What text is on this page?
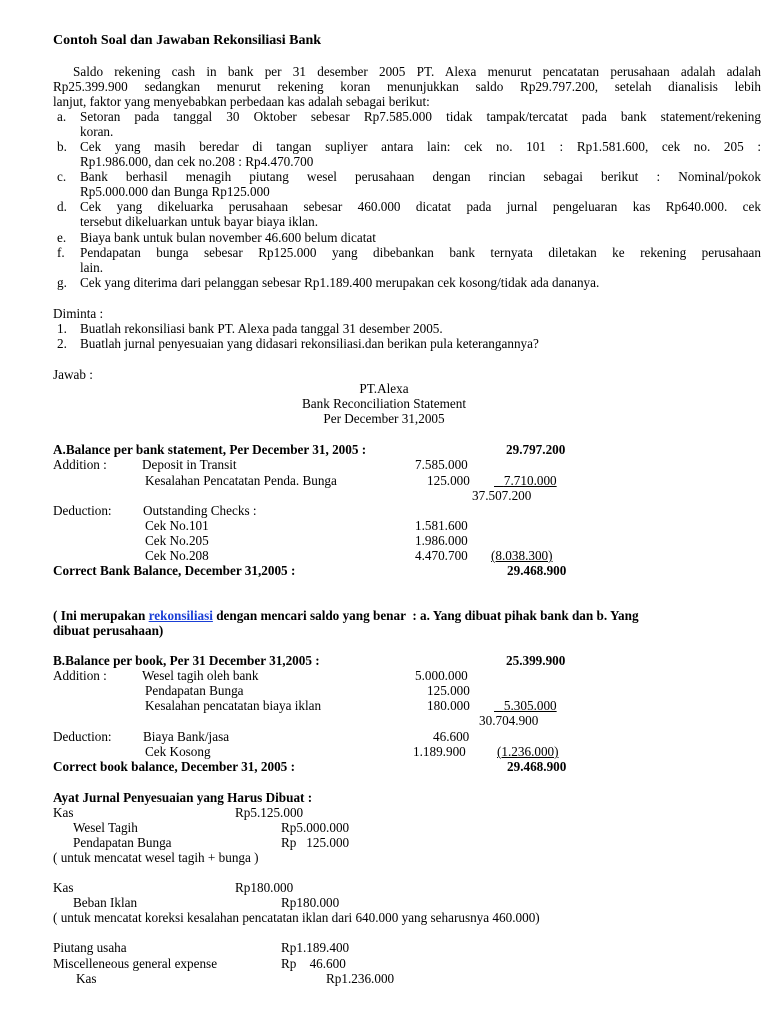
Contoh Soal dan Jawaban Rekonsiliasi Bank
Saldo rekening cash in bank per 31 desember 2005 PT. Alexa menurut pencatatan perusahaan adalah adalah
Rp25.399.900 sedangkan menurut rekening koran menunjukkan saldo Rp29.797.200, setelah dianalisis lebih
lanjut, faktor yang menyebabkan perbedaan kas adalah sebagai berikut:
a. Setoran pada tanggal 30 Oktober sebesar Rp7.585.000 tidak tampak/tercatat pada bank statement/rekening
koran.
b. Cek yang masih beredar di tangan supliyer antara lain: cek no. 101 : Rp1.581.600, cek no. 205 :
Rp1.986.000, dan cek no.208 : Rp4.470.700
c. Bank berhasil menagih piutang wesel perusahaan dengan rincian sebagai berikut : Nominal/pokok
Rp5.000.000 dan Bunga Rp125.000
d. Cek yang dikeluarka perusahaan sebesar 460.000 dicatat pada jurnal pengeluaran kas Rp640.000. cek
tersebut dikeluarkan untuk bayar biaya iklan.
e. Biaya bank untuk bulan november 46.600 belum dicatat
f. Pendapatan bunga sebesar Rp125.000 yang dibebankan bank ternyata diletakan ke rekening perusahaan
lain.
g. Cek yang diterima dari pelanggan sebesar Rp1.189.400 merupakan cek kosong/tidak ada dananya.
Diminta :
1. Buatlah rekonsiliasi bank PT. Alexa pada tanggal 31 desember 2005.
2. Buatlah jurnal penyesuaian yang didasari rekonsiliasi.dan berikan pula keterangannya?
Jawab :
PT.Alexa
Bank Reconciliation Statement
Per December 31,2005
A.Balance per bank statement, Per December 31, 2005 :	29.797.200
Addition :	Deposit in Transit	7.585.000
Kesalahan Pencatatan Penda. Bunga	125.000	7.710.000
37.507.200
Deduction: Outstanding Checks :
Cek No.101	1.581.600
Cek No.205	1.986.000
Cek No.208	4.470.700 (8.038.300)
Correct Bank Balance, December 31,2005 :	29.468.900
( Ini merupakan rekonsiliasi dengan mencari saldo yang benar  : a. Yang dibuat pihak bank dan b. Yang
dibuat perusahaan)
B.Balance per book, Per 31 December 31,2005 :	25.399.900
Addition :	Wesel tagih oleh bank	5.000.000
Pendapatan Bunga	125.000
Kesalahan pencatatan biaya iklan	180.000	5.305.000
30.704.900
Deduction: Biaya Bank/jasa	46.600
Cek Kosong	1.189.900 (1.236.000)
Correct book balance, December 31, 2005 :	29.468.900
Ayat Jurnal Penyesuaian yang Harus Dibuat :
Kas	Rp5.125.000
Wesel Tagih	Rp5.000.000
Pendapatan Bunga	Rp   125.000
( untuk mencatat wesel tagih + bunga )
Kas	Rp180.000
Beban Iklan	Rp180.000
( untuk mencatat koreksi kesalahan pencatatan iklan dari 640.000 yang seharusnya 460.000)
Piutang usaha	Rp1.189.400
Miscelleneous general expense	Rp    46.600
Kas	Rp1.236.000
